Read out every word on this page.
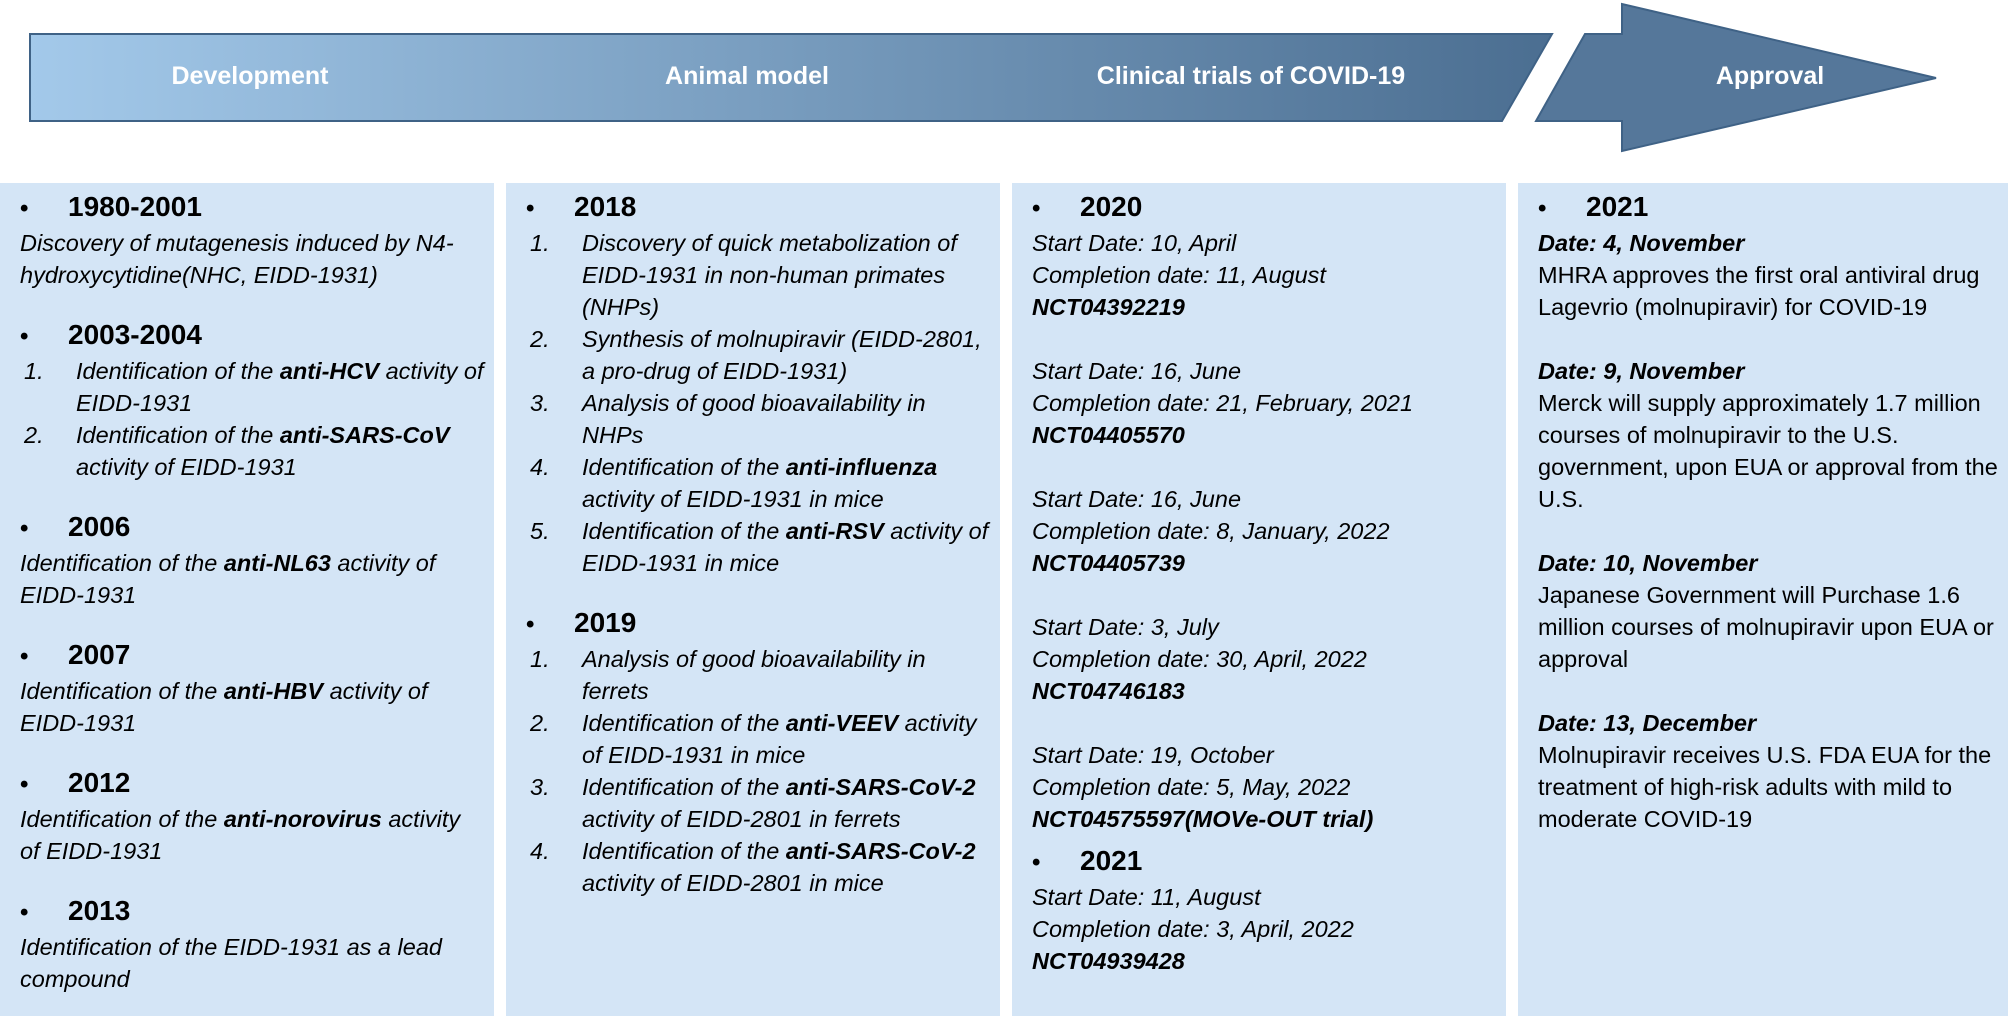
Development	Animal model	Clinical trials of COVID-19	Approval
•	1980-2001
Discovery of mutagenesis induced by N4-hydroxycytidine(NHC, EIDD-1931)
•	2003-2004
1.	Identification of the anti-HCV activity of EIDD-1931
2.	Identification of the anti-SARS-CoV activity of EIDD-1931
•	2006
Identification of the anti-NL63 activity of EIDD-1931
•	2007
Identification of the anti-HBV activity of EIDD-1931
•	2012
Identification of the anti-norovirus activity of EIDD-1931
•	2013
Identification of the EIDD-1931 as a lead compound
•	2018
1.	Discovery of quick metabolization of EIDD-1931 in non-human primates (NHPs)
2.	Synthesis of molnupiravir (EIDD-2801, a pro-drug of EIDD-1931)
3.	Analysis of good bioavailability in NHPs
4.	Identification of the anti-influenza activity of EIDD-1931 in mice
5.	Identification of the anti-RSV activity of EIDD-1931 in mice
•	2019
1.	Analysis of good bioavailability in ferrets
2.	Identification of the anti-VEEV activity of EIDD-1931 in mice
3.	Identification of the anti-SARS-CoV-2 activity of EIDD-2801 in ferrets
4.	Identification of the anti-SARS-CoV-2 activity of EIDD-2801 in mice
•	2020
Start Date: 10, April
Completion date: 11, August
NCT04392219
Start Date: 16, June
Completion date: 21, February, 2021
NCT04405570
Start Date: 16, June
Completion date: 8, January, 2022
NCT04405739
Start Date: 3, July
Completion date: 30, April, 2022
NCT04746183
Start Date: 19, October
Completion date: 5, May, 2022
NCT04575597(MOVe-OUT trial)
•	2021
Start Date: 11, August
Completion date: 3, April, 2022
NCT04939428
•	2021
Date: 4, November
MHRA approves the first oral antiviral drug Lagevrio (molnupiravir) for COVID-19
Date: 9, November
Merck will supply approximately 1.7 million courses of molnupiravir to the U.S. government, upon EUA or approval from the U.S.
Date: 10, November
Japanese Government will Purchase 1.6 million courses of molnupiravir upon EUA or approval
Date: 13, December
Molnupiravir receives U.S. FDA EUA for the treatment of high-risk adults with mild to moderate COVID-19
